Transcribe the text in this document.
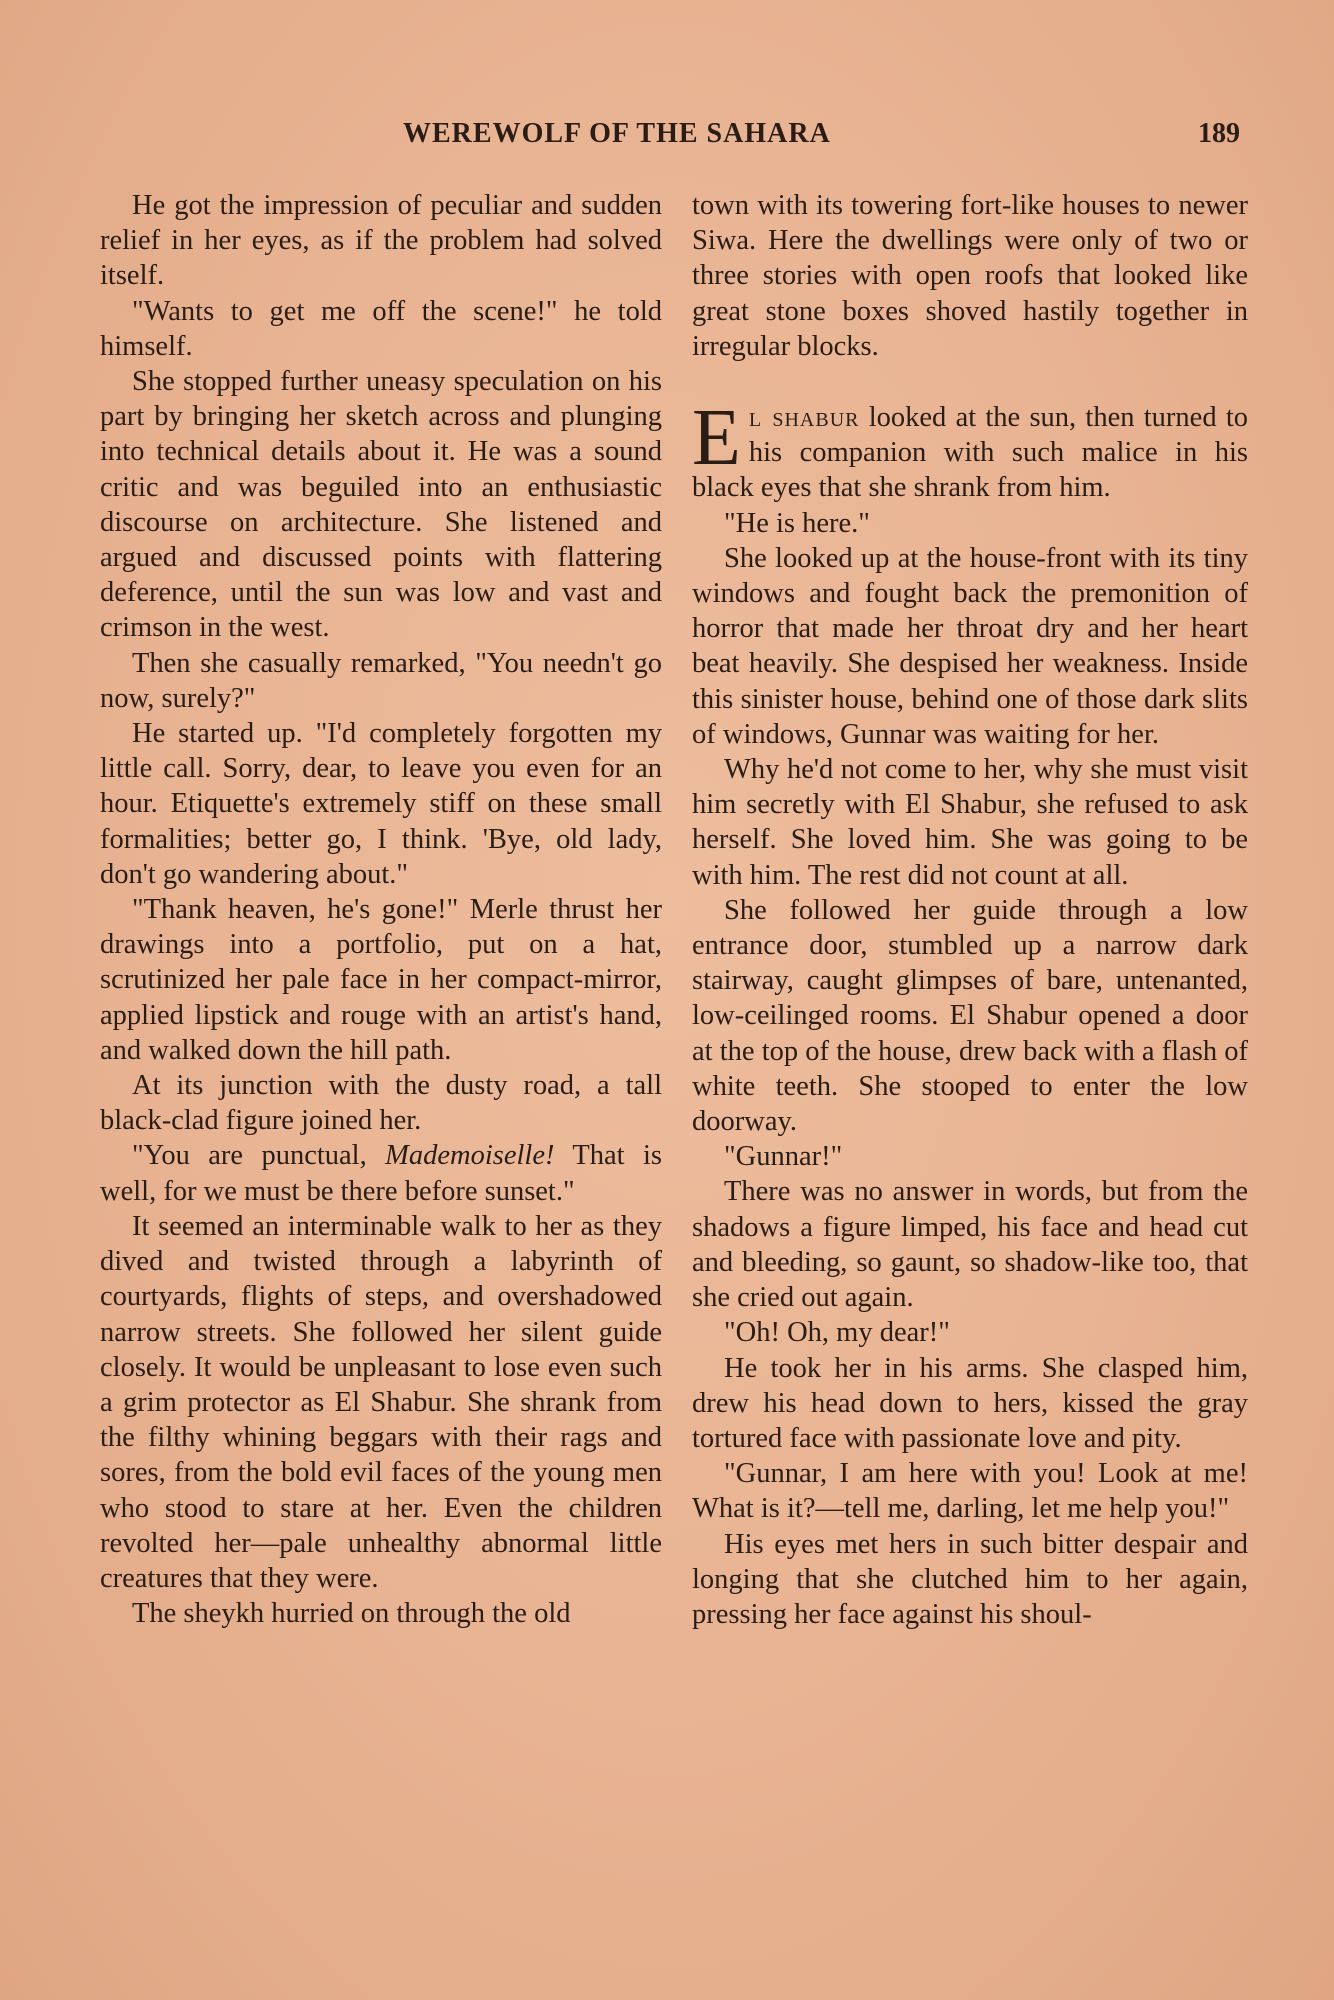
WEREWOLF OF THE SAHARA	189

He got the impression of peculiar and sudden relief in her eyes, as if the problem had solved itself.

"Wants to get me off the scene!" he told himself.

She stopped further uneasy speculation on his part by bringing her sketch across and plunging into technical details about it. He was a sound critic and was beguiled into an enthusiastic discourse on architecture. She listened and argued and discussed points with flattering deference, until the sun was low and vast and crimson in the west.

Then she casually remarked, "You needn't go now, surely?"

He started up. "I'd completely forgotten my little call. Sorry, dear, to leave you even for an hour. Etiquette's extremely stiff on these small formalities; better go, I think. 'Bye, old lady, don't go wandering about."

"Thank heaven, he's gone!" Merle thrust her drawings into a portfolio, put on a hat, scrutinized her pale face in her compact-mirror, applied lipstick and rouge with an artist's hand, and walked down the hill path.

At its junction with the dusty road, a tall black-clad figure joined her.

"You are punctual, Mademoiselle! That is well, for we must be there before sunset."

It seemed an interminable walk to her as they dived and twisted through a labyrinth of courtyards, flights of steps, and overshadowed narrow streets. She followed her silent guide closely. It would be unpleasant to lose even such a grim protector as El Shabur. She shrank from the filthy whining beggars with their rags and sores, from the bold evil faces of the young men who stood to stare at her. Even the children revolted her—pale unhealthy abnormal little creatures that they were.

The sheykh hurried on through the old

town with its towering fort-like houses to newer Siwa. Here the dwellings were only of two or three stories with open roofs that looked like great stone boxes shoved hastily together in irregular blocks.

El shabur looked at the sun, then turned to his companion with such malice in his black eyes that she shrank from him.

"He is here."

She looked up at the house-front with its tiny windows and fought back the premonition of horror that made her throat dry and her heart beat heavily. She despised her weakness. Inside this sinister house, behind one of those dark slits of windows, Gunnar was waiting for her.

Why he'd not come to her, why she must visit him secretly with El Shabur, she refused to ask herself. She loved him. She was going to be with him. The rest did not count at all.

She followed her guide through a low entrance door, stumbled up a narrow dark stairway, caught glimpses of bare, untenanted, low-ceilinged rooms. El Shabur opened a door at the top of the house, drew back with a flash of white teeth. She stooped to enter the low doorway.

"Gunnar!"

There was no answer in words, but from the shadows a figure limped, his face and head cut and bleeding, so gaunt, so shadow-like too, that she cried out again.

"Oh! Oh, my dear!"

He took her in his arms. She clasped him, drew his head down to hers, kissed the gray tortured face with passionate love and pity.

"Gunnar, I am here with you! Look at me! What is it?—tell me, darling, let me help you!"

His eyes met hers in such bitter despair and longing that she clutched him to her again, pressing her face against his shoul-
